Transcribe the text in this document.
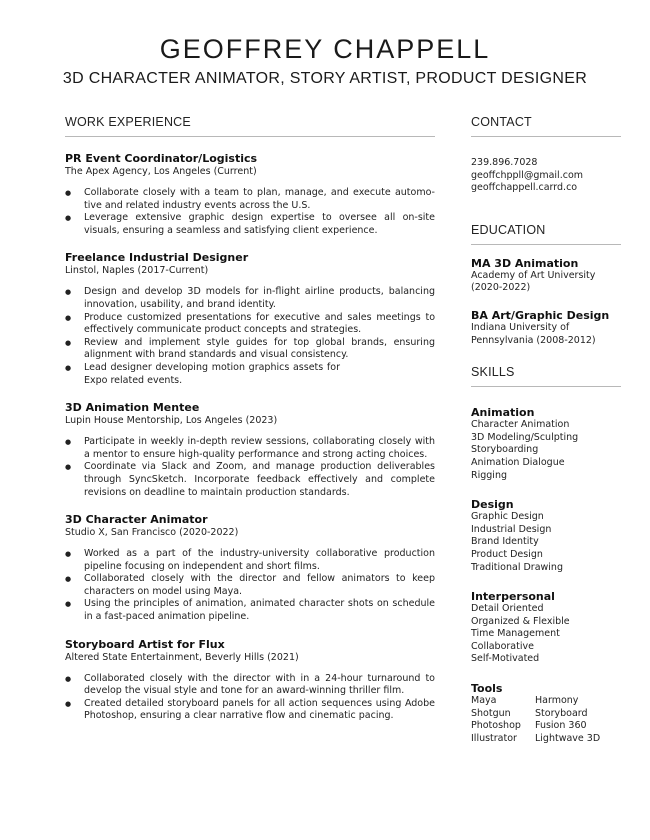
GEOFFREY CHAPPELL
3D CHARACTER ANIMATOR, STORY ARTIST, PRODUCT DESIGNER
WORK EXPERIENCE

PR Event Coordinator/Logistics

The Apex Agency, Los Angeles (Current)

● Collaborate closely with a team to plan, manage, and execute automo-tive and related industry events across the U.S.
● Leverage extensive graphic design expertise to oversee all on-site visuals, ensuring a seamless and satisfying client experience.

Freelance Industrial Designer

Linstol, Naples (2017-Current)

● Design and develop 3D models for in-flight airline products, balancing innovation, usability, and brand identity.
● Produce customized presentations for executive and sales meetings to effectively communicate product concepts and strategies.
● Review and implement style guides for top global brands, ensuring alignment with brand standards and visual consistency.
● Lead designer developing motion graphics assets for Expo related events.

3D Animation Mentee

Lupin House Mentorship, Los Angeles (2023)

● Participate in weekly in-depth review sessions, collaborating closely with a mentor to ensure high-quality performance and strong acting choices.
● Coordinate via Slack and Zoom, and manage production deliverables through SyncSketch. Incorporate feedback effectively and complete revisions on deadline to maintain production standards.

3D Character Animator

Studio X, San Francisco (2020-2022)

● Worked as a part of the industry-university collaborative production pipeline focusing on independent and short films.
● Collaborated closely with the director and fellow animators to keep characters on model using Maya.
● Using the principles of animation, animated character shots on schedule in a fast-paced animation pipeline.

Storyboard Artist for Flux

Altered State Entertainment, Beverly Hills (2021)

● Collaborated closely with the director with in a 24-hour turnaround to develop the visual style and tone for an award-winning thriller film.
● Created detailed storyboard panels for all action sequences using Adobe Photoshop, ensuring a clear narrative flow and cinematic pacing.
CONTACT

239.896.7028

geoffchppll@gmail.com

geoffchappell.carrd.co

EDUCATION

MA 3D Animation

Academy of Art University

(2020-2022)

BA Art/Graphic Design

Indiana University of

Pennsylvania (2008-2012)

SKILLS

Animation

Character Animation

3D Modeling/Sculpting

Storyboarding

Animation Dialogue

Rigging

Design

Graphic Design

Industrial Design

Brand Identity

Product Design

Traditional Drawing

Interpersonal

Detail Oriented

Organized & Flexible

Time Management

Collaborative

Self-Motivated

Tools

Maya	Harmony
Shotgun	Storyboard
Photoshop	Fusion 360
Illustrator	Lightwave 3D
